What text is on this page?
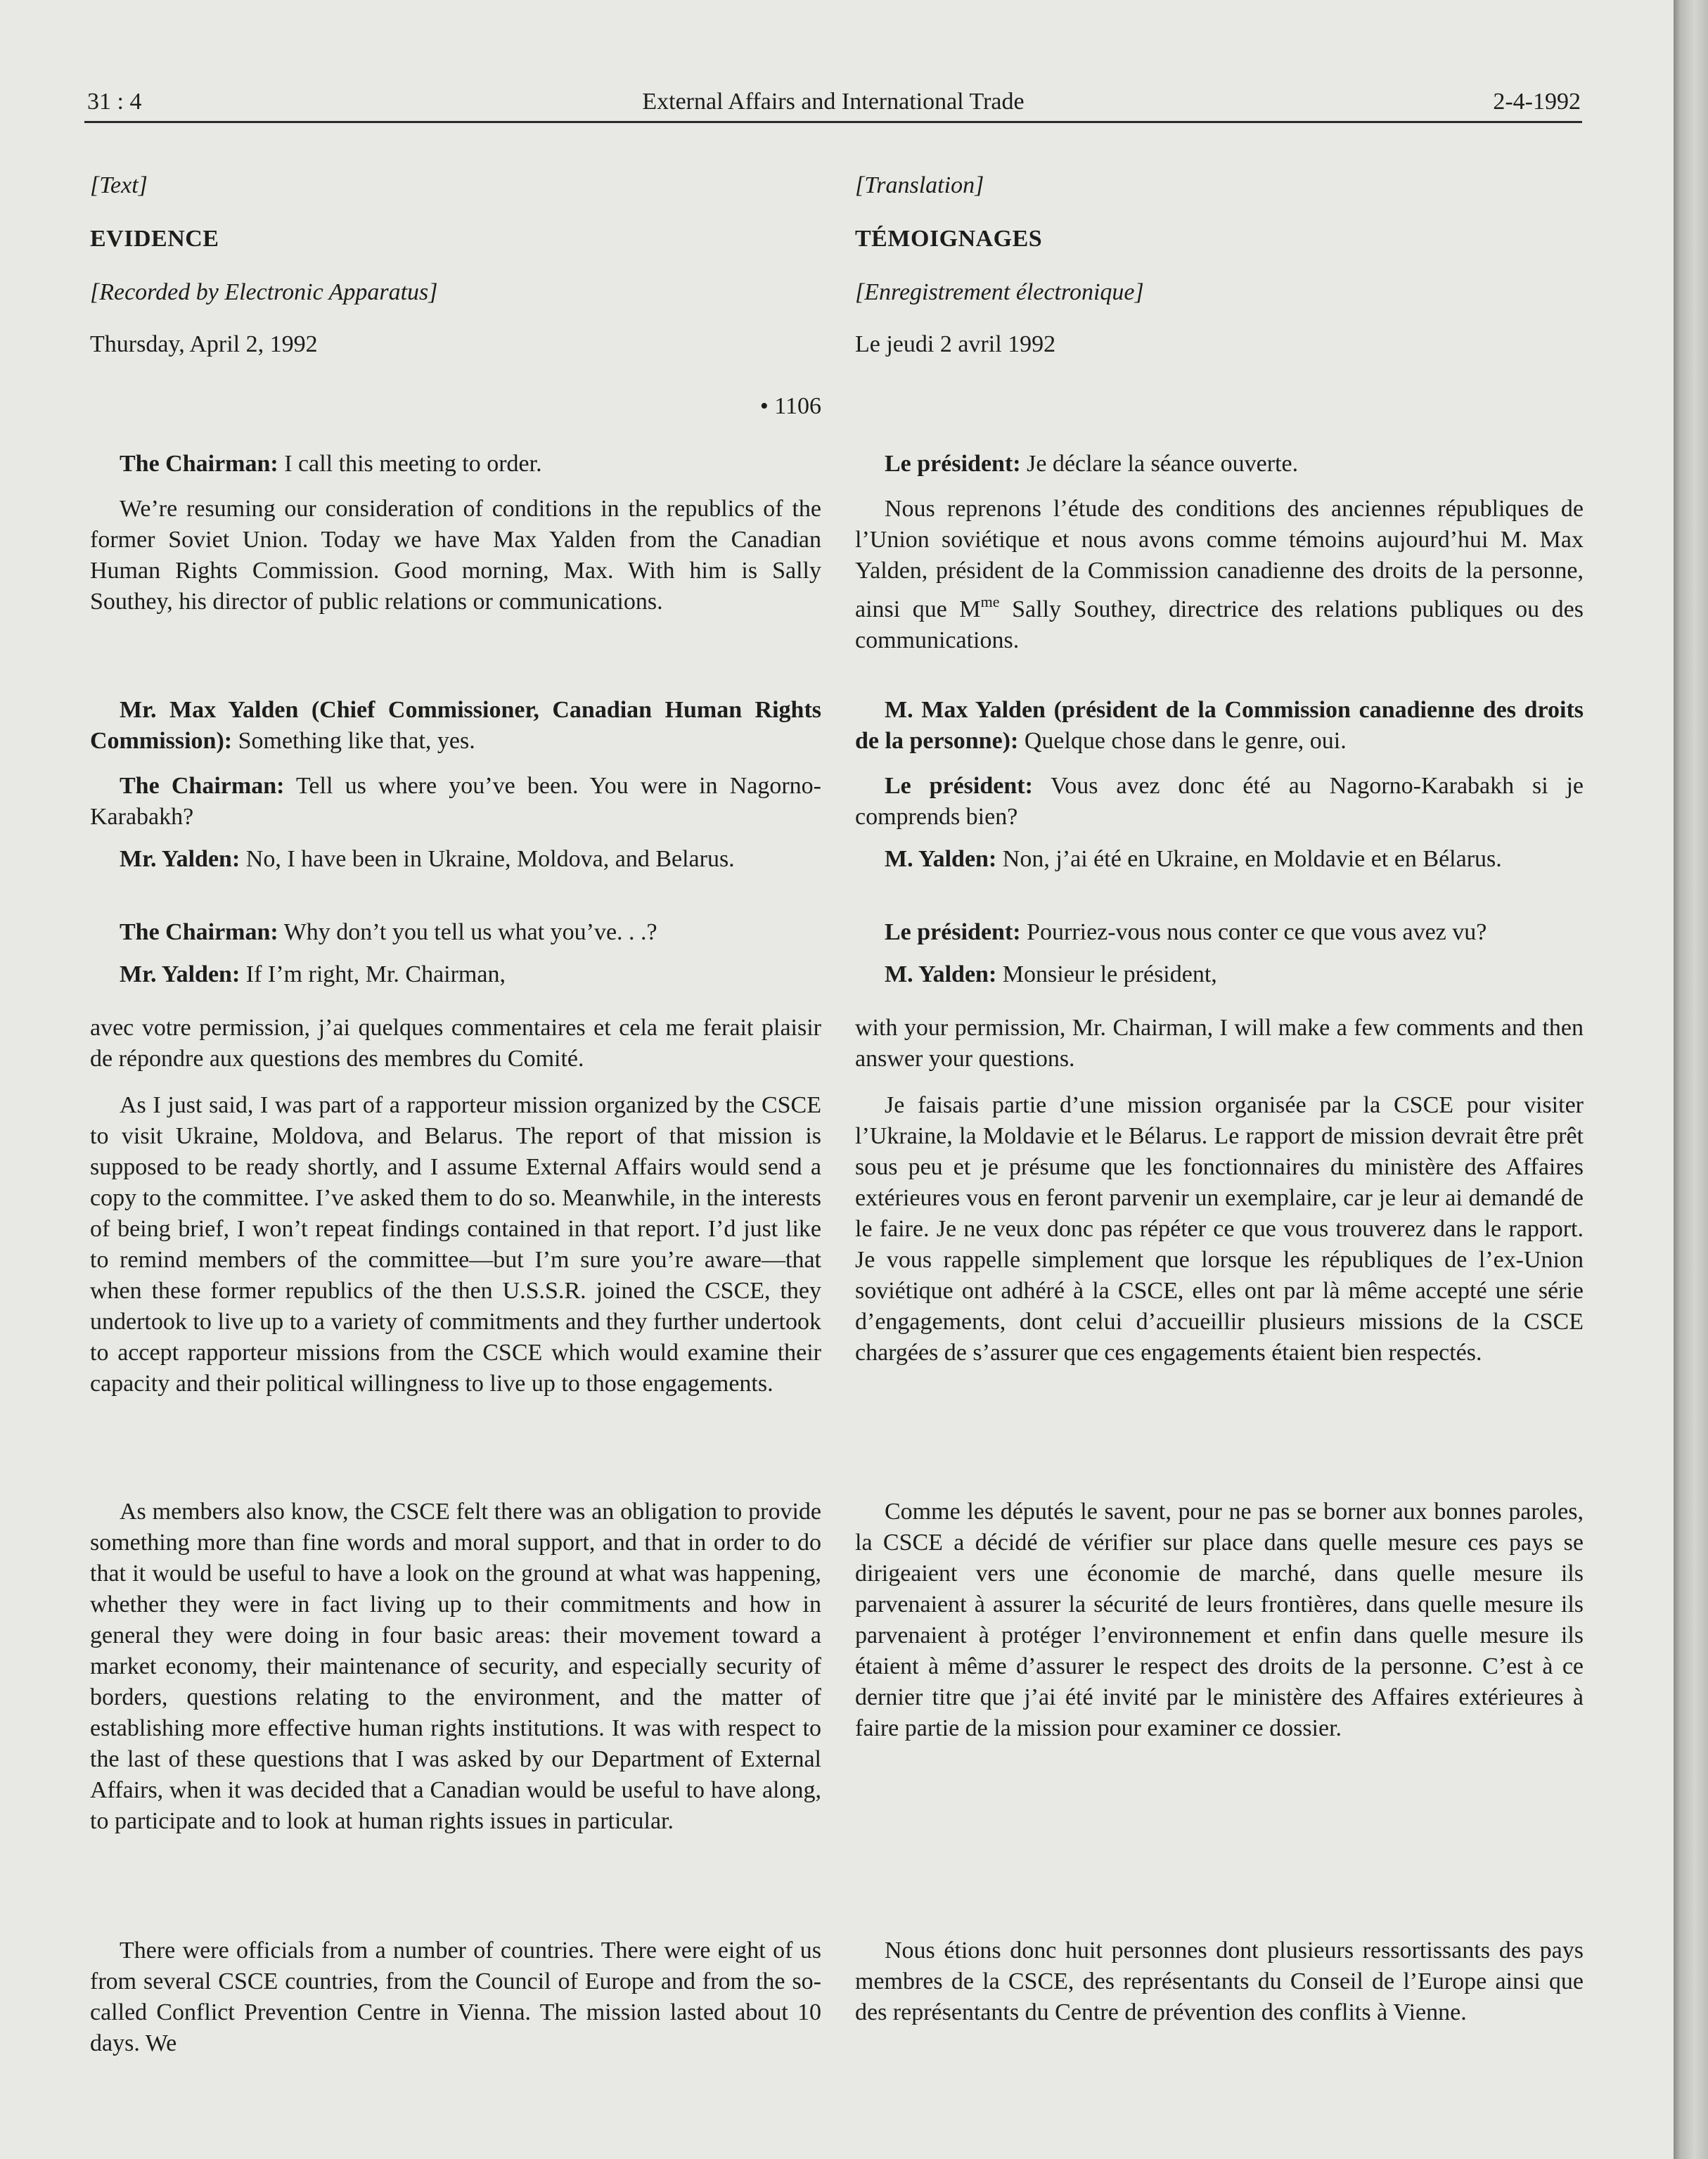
External Affairs and International Trade
31 : 4	2-4-1992

[Text]

EVIDENCE

[Recorded by Electronic Apparatus]

Thursday, April 2, 1992

• 1106

The Chairman: I call this meeting to order.

We’re resuming our consideration of conditions in the republics of the former Soviet Union. Today we have Max Yalden from the Canadian Human Rights Commission. Good morning, Max. With him is Sally Southey, his director of public relations or communications.

Mr. Max Yalden (Chief Commissioner, Canadian Human Rights Commission): Something like that, yes.

The Chairman: Tell us where you’ve been. You were in Nagorno-Karabakh?

Mr. Yalden: No, I have been in Ukraine, Moldova, and Belarus.

The Chairman: Why don’t you tell us what you’ve. . .?

Mr. Yalden: If I’m right, Mr. Chairman,

avec votre permission, j’ai quelques commentaires et cela me ferait plaisir de répondre aux questions des membres du Comité.

As I just said, I was part of a rapporteur mission organized by the CSCE to visit Ukraine, Moldova, and Belarus. The report of that mission is supposed to be ready shortly, and I assume External Affairs would send a copy to the committee. I’ve asked them to do so. Meanwhile, in the interests of being brief, I won’t repeat findings contained in that report. I’d just like to remind members of the committee—but I’m sure you’re aware—that when these former republics of the then U.S.S.R. joined the CSCE, they undertook to live up to a variety of commitments and they further undertook to accept rapporteur missions from the CSCE which would examine their capacity and their political willingness to live up to those engagements.

As members also know, the CSCE felt there was an obligation to provide something more than fine words and moral support, and that in order to do that it would be useful to have a look on the ground at what was happening, whether they were in fact living up to their commitments and how in general they were doing in four basic areas: their movement toward a market economy, their maintenance of security, and especially security of borders, questions relating to the environment, and the matter of establishing more effective human rights institutions. It was with respect to the last of these questions that I was asked by our Department of External Affairs, when it was decided that a Canadian would be useful to have along, to participate and to look at human rights issues in particular.

There were officials from a number of countries. There were eight of us from several CSCE countries, from the Council of Europe and from the so-called Conflict Prevention Centre in Vienna. The mission lasted about 10 days. We

[Translation]

TÉMOIGNAGES

[Enregistrement électronique]

Le jeudi 2 avril 1992

Le président: Je déclare la séance ouverte.

Nous reprenons l’étude des conditions des anciennes républiques de l’Union soviétique et nous avons comme témoins aujourd’hui M. Max Yalden, président de la Commission canadienne des droits de la personne, ainsi que $M^{me}$ Sally Southey, directrice des relations publiques ou des communications.

M. Max Yalden (président de la Commission canadienne des droits de la personne): Quelque chose dans le genre, oui.

Le président: Vous avez donc été au Nagorno-Karabakh si je comprends bien?

M. Yalden: Non, j’ai été en Ukraine, en Moldavie et en Bélarus.

Le président: Pourriez-vous nous conter ce que vous avez vu?

M. Yalden: Monsieur le président,

with your permission, Mr. Chairman, I will make a few comments and then answer your questions.

Je faisais partie d’une mission organisée par la CSCE pour visiter l’Ukraine, la Moldavie et le Bélarus. Le rapport de mission devrait être prêt sous peu et je présume que les fonctionnaires du ministère des Affaires extérieures vous en feront parvenir un exemplaire, car je leur ai demandé de le faire. Je ne veux donc pas répéter ce que vous trouverez dans le rapport. Je vous rappelle simplement que lorsque les républiques de l’ex-Union soviétique ont adhéré à la CSCE, elles ont par là même accepté une série d’engagements, dont celui d’accueillir plusieurs missions de la CSCE chargées de s’assurer que ces engagements étaient bien respectés.

Comme les députés le savent, pour ne pas se borner aux bonnes paroles, la CSCE a décidé de vérifier sur place dans quelle mesure ces pays se dirigeaient vers une économie de marché, dans quelle mesure ils parvenaient à assurer la sécurité de leurs frontières, dans quelle mesure ils parvenaient à protéger l’environnement et enfin dans quelle mesure ils étaient à même d’assurer le respect des droits de la personne. C’est à ce dernier titre que j’ai été invité par le ministère des Affaires extérieures à faire partie de la mission pour examiner ce dossier.

Nous étions donc huit personnes dont plusieurs ressortissants des pays membres de la CSCE, des représentants du Conseil de l’Europe ainsi que des représentants du Centre de prévention des conflits à Vienne.
